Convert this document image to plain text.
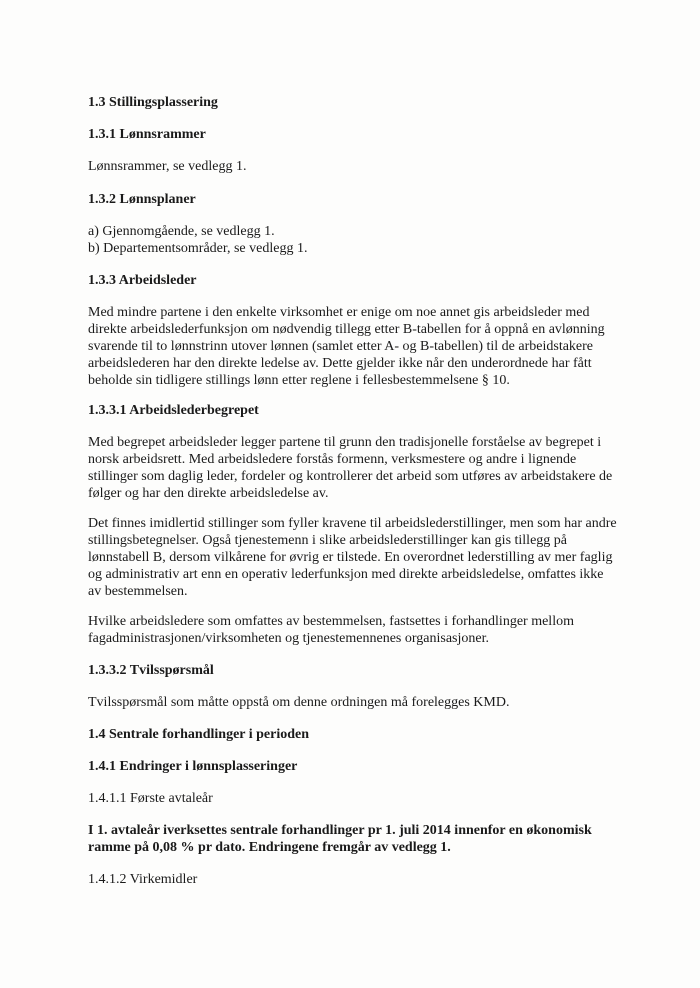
1.3 Stillingsplassering
1.3.1 Lønnsrammer
Lønnsrammer, se vedlegg 1.
1.3.2 Lønnsplaner
a) Gjennomgående, se vedlegg 1.
b) Departementsområder, se vedlegg 1.
1.3.3 Arbeidsleder
Med mindre partene i den enkelte virksomhet er enige om noe annet gis arbeidsleder med
direkte arbeidslederfunksjon om nødvendig tillegg etter B-tabellen for å oppnå en avlønning
svarende til to lønnstrinn utover lønnen (samlet etter A- og B-tabellen) til de arbeidstakere
arbeidslederen har den direkte ledelse av. Dette gjelder ikke når den underordnede har fått
beholde sin tidligere stillings lønn etter reglene i fellesbestemmelsene § 10.
1.3.3.1 Arbeidslederbegrepet
Med begrepet arbeidsleder legger partene til grunn den tradisjonelle forståelse av begrepet i
norsk arbeidsrett. Med arbeidsledere forstås formenn, verksmestere og andre i lignende
stillinger som daglig leder, fordeler og kontrollerer det arbeid som utføres av arbeidstakere de
følger og har den direkte arbeidsledelse av.
Det finnes imidlertid stillinger som fyller kravene til arbeidslederstillinger, men som har andre
stillingsbetegnelser. Også tjenestemenn i slike arbeidslederstillinger kan gis tillegg på
lønnstabell B, dersom vilkårene for øvrig er tilstede. En overordnet lederstilling av mer faglig
og administrativ art enn en operativ lederfunksjon med direkte arbeidsledelse, omfattes ikke
av bestemmelsen.
Hvilke arbeidsledere som omfattes av bestemmelsen, fastsettes i forhandlinger mellom
fagadministrasjonen/virksomheten og tjenestemennenes organisasjoner.
1.3.3.2 Tvilsspørsmål
Tvilsspørsmål som måtte oppstå om denne ordningen må forelegges KMD.
1.4 Sentrale forhandlinger i perioden
1.4.1 Endringer i lønnsplasseringer
1.4.1.1 Første avtaleår
I 1. avtaleår iverksettes sentrale forhandlinger pr 1. juli 2014 innenfor en økonomisk
ramme på 0,08 % pr dato. Endringene fremgår av vedlegg 1.
1.4.1.2 Virkemidler
